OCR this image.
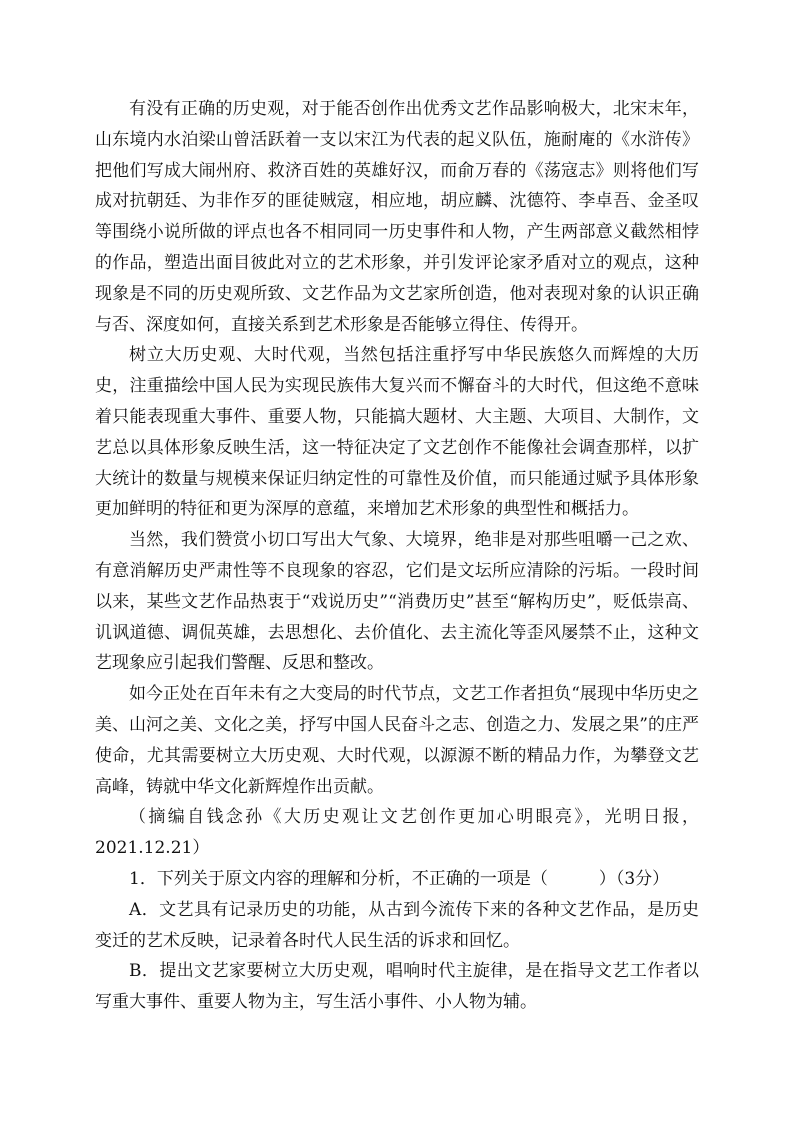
有没有正确的历史观，对于能否创作出优秀文艺作品影响极大，北宋末年，山东境内水泊梁山曾活跃着一支以宋江为代表的起义队伍，施耐庵的《水浒传》把他们写成大闹州府、救济百姓的英雄好汉，而俞万春的《荡寇志》则将他们写成对抗朝廷、为非作歹的匪徒贼寇，相应地，胡应麟、沈德符、李卓吾、金圣叹等围绕小说所做的评点也各不相同同一历史事件和人物，产生两部意义截然相悖的作品，塑造出面目彼此对立的艺术形象，并引发评论家矛盾对立的观点，这种现象是不同的历史观所致、文艺作品为文艺家所创造，他对表现对象的认识正确与否、深度如何，直接关系到艺术形象是否能够立得住、传得开。

树立大历史观、大时代观，当然包括注重抒写中华民族悠久而辉煌的大历史，注重描绘中国人民为实现民族伟大复兴而不懈奋斗的大时代，但这绝不意味着只能表现重大事件、重要人物，只能搞大题材、大主题、大项目、大制作，文艺总以具体形象反映生活，这一特征决定了文艺创作不能像社会调查那样，以扩大统计的数量与规模来保证归纳定性的可靠性及价值，而只能通过赋予具体形象更加鲜明的特征和更为深厚的意蕴，来增加艺术形象的典型性和概括力。

当然，我们赞赏小切口写出大气象、大境界，绝非是对那些咀嚼一己之欢、有意消解历史严肃性等不良现象的容忍，它们是文坛所应清除的污垢。一段时间以来，某些文艺作品热衷于“戏说历史”“消费历史”甚至“解构历史”，贬低崇高、讥讽道德、调侃英雄，去思想化、去价值化、去主流化等歪风屡禁不止，这种文艺现象应引起我们警醒、反思和整改。

如今正处在百年未有之大变局的时代节点，文艺工作者担负“展现中华历史之美、山河之美、文化之美，抒写中国人民奋斗之志、创造之力、发展之果”的庄严使命，尤其需要树立大历史观、大时代观，以源源不断的精品力作，为攀登文艺高峰，铸就中华文化新辉煌作出贡献。

（摘编自钱念孙《大历史观让文艺创作更加心明眼亮》，光明日报，2021.12.21）

1．下列关于原文内容的理解和分析，不正确的一项是（　　　）（3分）

A．文艺具有记录历史的功能，从古到今流传下来的各种文艺作品，是历史变迁的艺术反映，记录着各时代人民生活的诉求和回忆。

B．提出文艺家要树立大历史观，唱响时代主旋律，是在指导文艺工作者以写重大事件、重要人物为主，写生活小事件、小人物为辅。
